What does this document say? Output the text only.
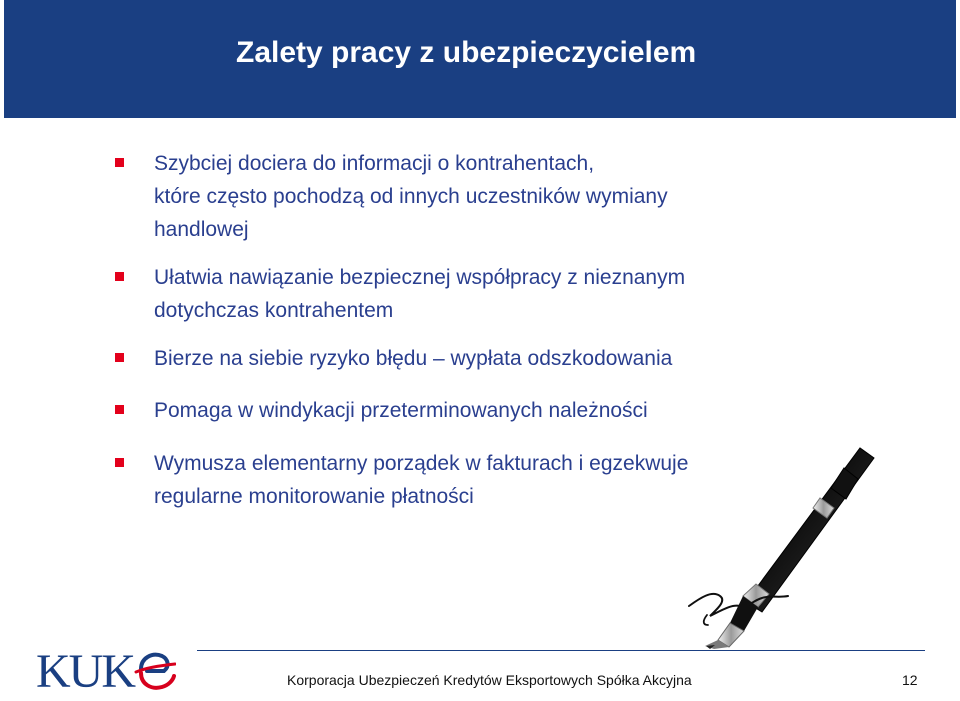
Zalety pracy z ubezpieczycielem
Szybciej dociera do informacji o kontrahentach,
które często pochodzą od innych uczestników wymiany
handlowej
Ułatwia nawiązanie bezpiecznej współpracy z nieznanym
dotychczas kontrahentem
Bierze na siebie ryzyko błędu – wypłata odszkodowania
Pomaga w windykacji przeterminowanych należności
Wymusza elementarny porządek w fakturach i egzekwuje
regularne monitorowanie płatności
KUK	Korporacja Ubezpieczeń Kredytów Eksportowych Spółka Akcyjna	12
